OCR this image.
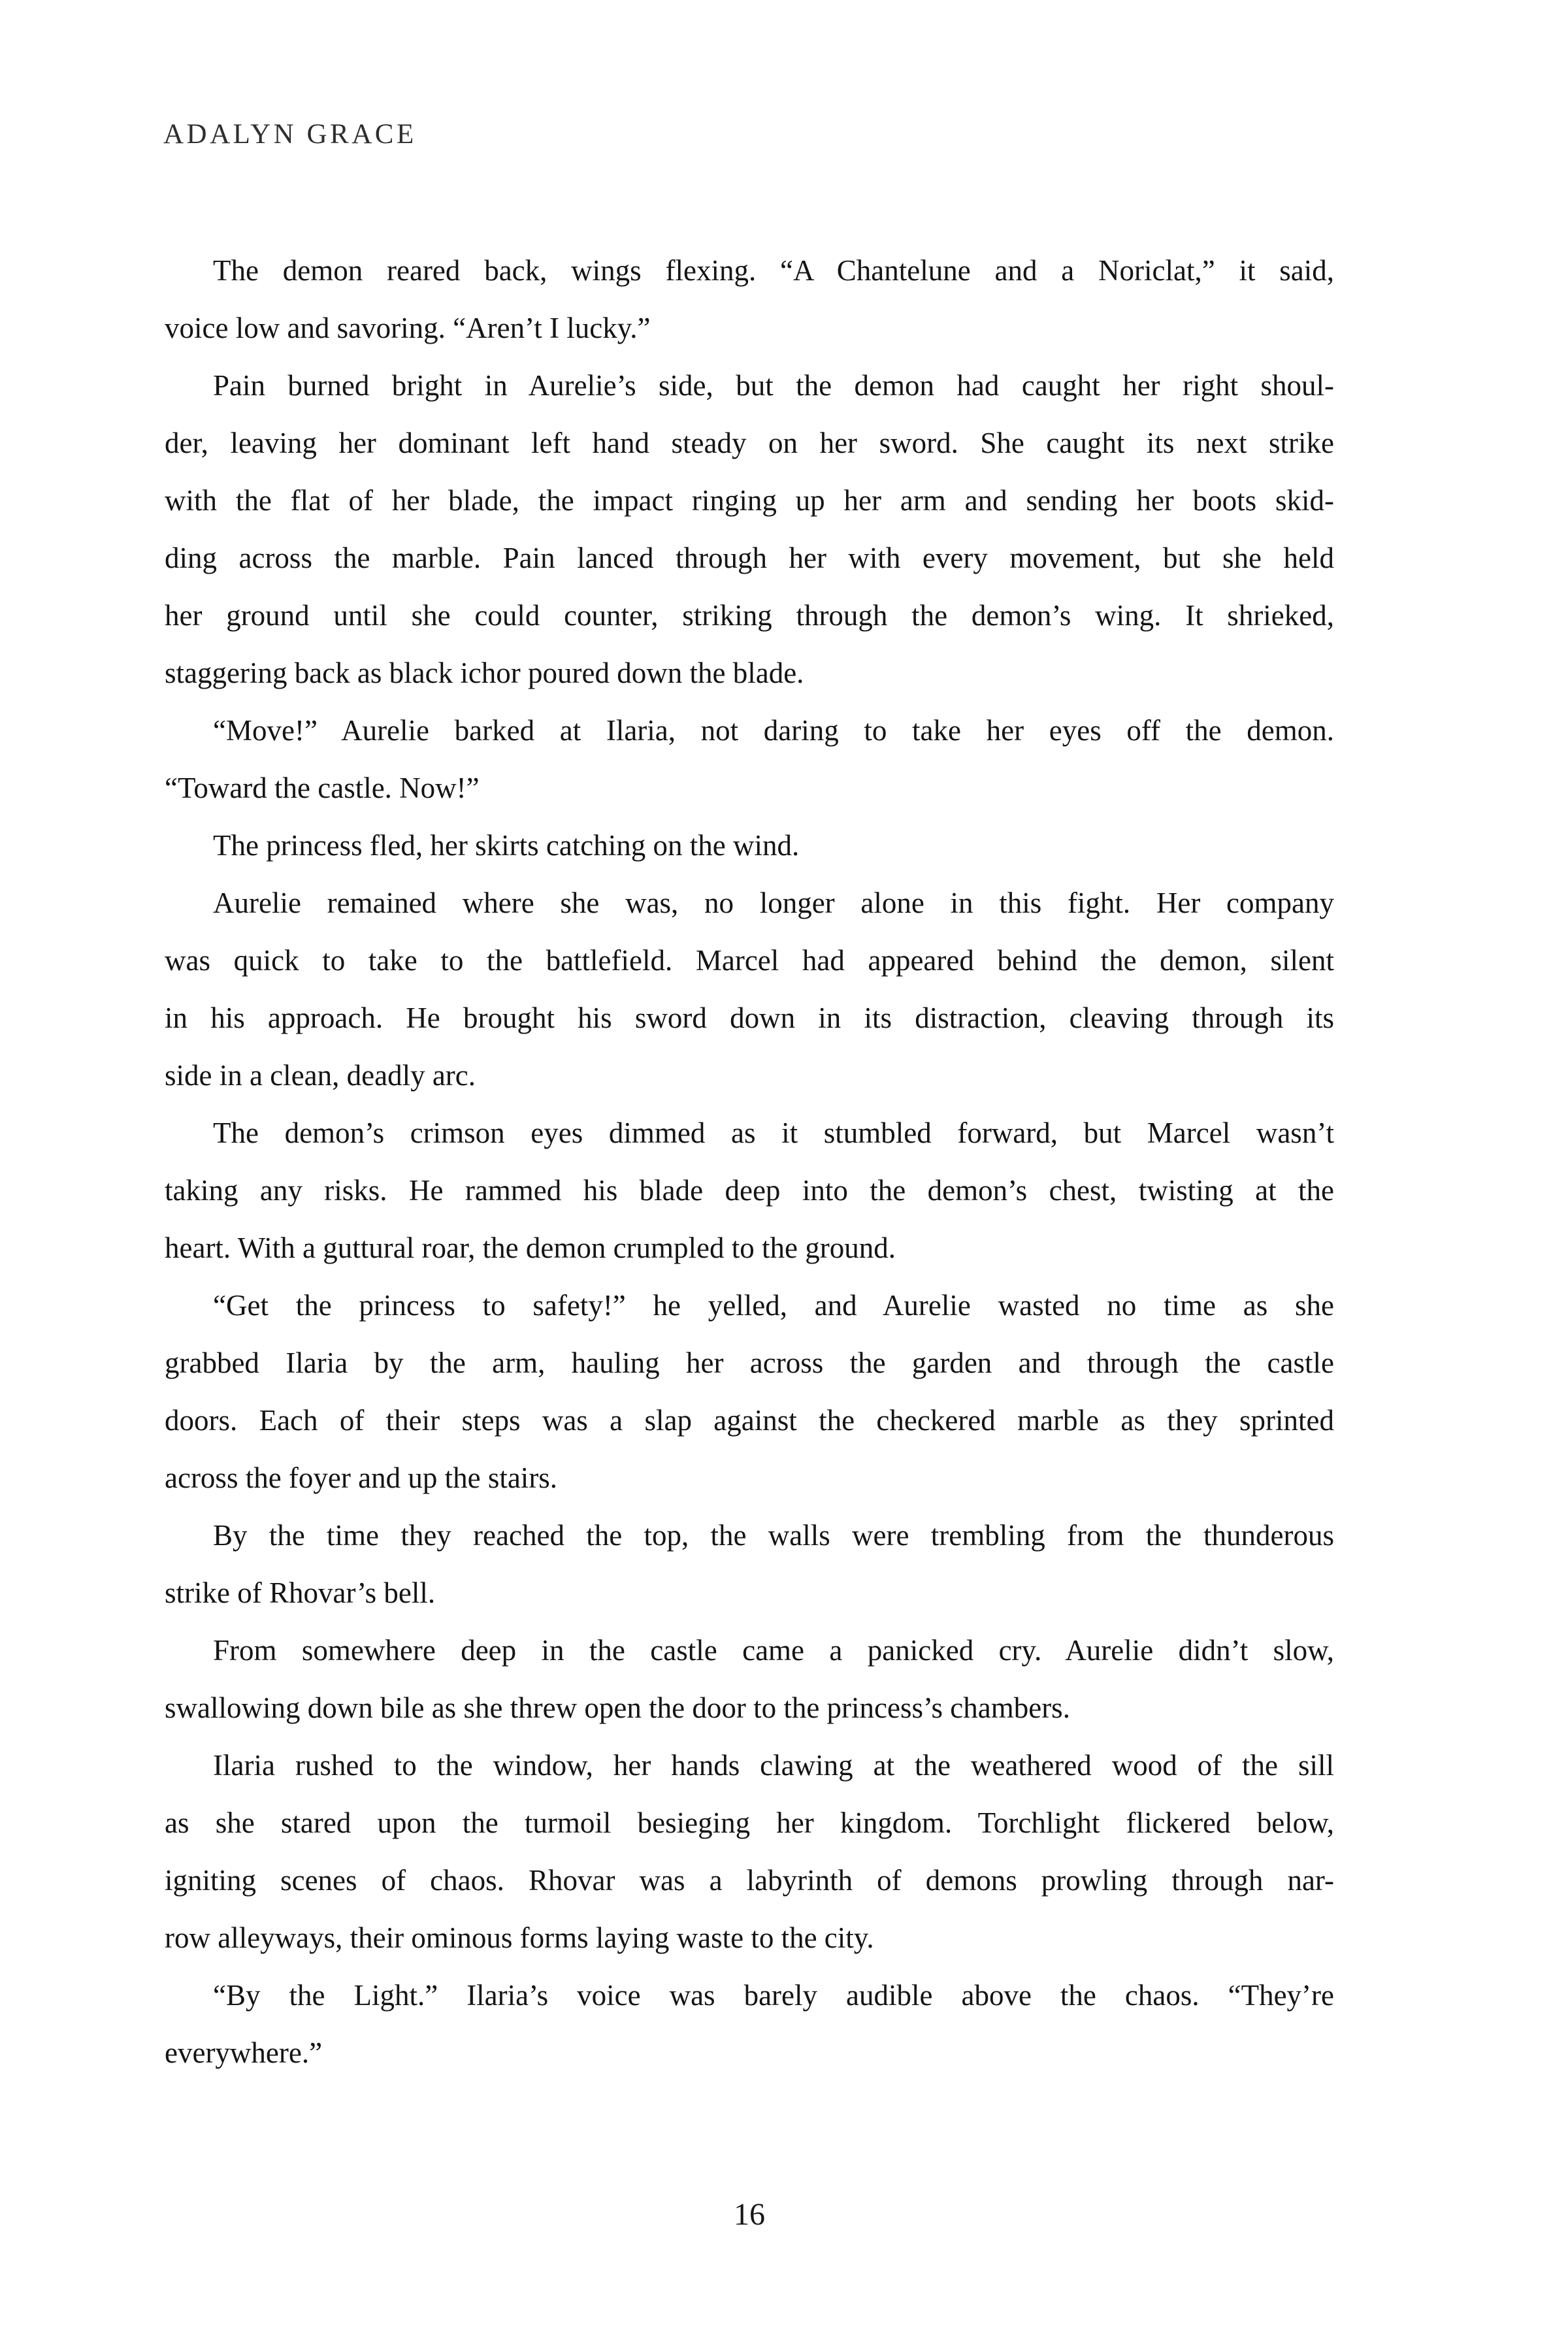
ADALYN GRACE
The demon reared back, wings flexing. “A Chantelune and a Noriclat,” it said,
voice low and savoring. “Aren’t I lucky.”
Pain burned bright in Aurelie’s side, but the demon had caught her right shoul-
der, leaving her dominant left hand steady on her sword. She caught its next strike
with the flat of her blade, the impact ringing up her arm and sending her boots skid-
ding across the marble. Pain lanced through her with every movement, but she held
her ground until she could counter, striking through the demon’s wing. It shrieked,
staggering back as black ichor poured down the blade.
“Move!” Aurelie barked at Ilaria, not daring to take her eyes off the demon.
“Toward the castle. Now!”
The princess fled, her skirts catching on the wind.
Aurelie remained where she was, no longer alone in this fight. Her company
was quick to take to the battlefield. Marcel had appeared behind the demon, silent
in his approach. He brought his sword down in its distraction, cleaving through its
side in a clean, deadly arc.
The demon’s crimson eyes dimmed as it stumbled forward, but Marcel wasn’t
taking any risks. He rammed his blade deep into the demon’s chest, twisting at the
heart. With a guttural roar, the demon crumpled to the ground.
“Get the princess to safety!” he yelled, and Aurelie wasted no time as she
grabbed Ilaria by the arm, hauling her across the garden and through the castle
doors. Each of their steps was a slap against the checkered marble as they sprinted
across the foyer and up the stairs.
By the time they reached the top, the walls were trembling from the thunderous
strike of Rhovar’s bell.
From somewhere deep in the castle came a panicked cry. Aurelie didn’t slow,
swallowing down bile as she threw open the door to the princess’s chambers.
Ilaria rushed to the window, her hands clawing at the weathered wood of the sill
as she stared upon the turmoil besieging her kingdom. Torchlight flickered below,
igniting scenes of chaos. Rhovar was a labyrinth of demons prowling through nar-
row alleyways, their ominous forms laying waste to the city.
“By the Light.” Ilaria’s voice was barely audible above the chaos. “They’re
everywhere.”
16
